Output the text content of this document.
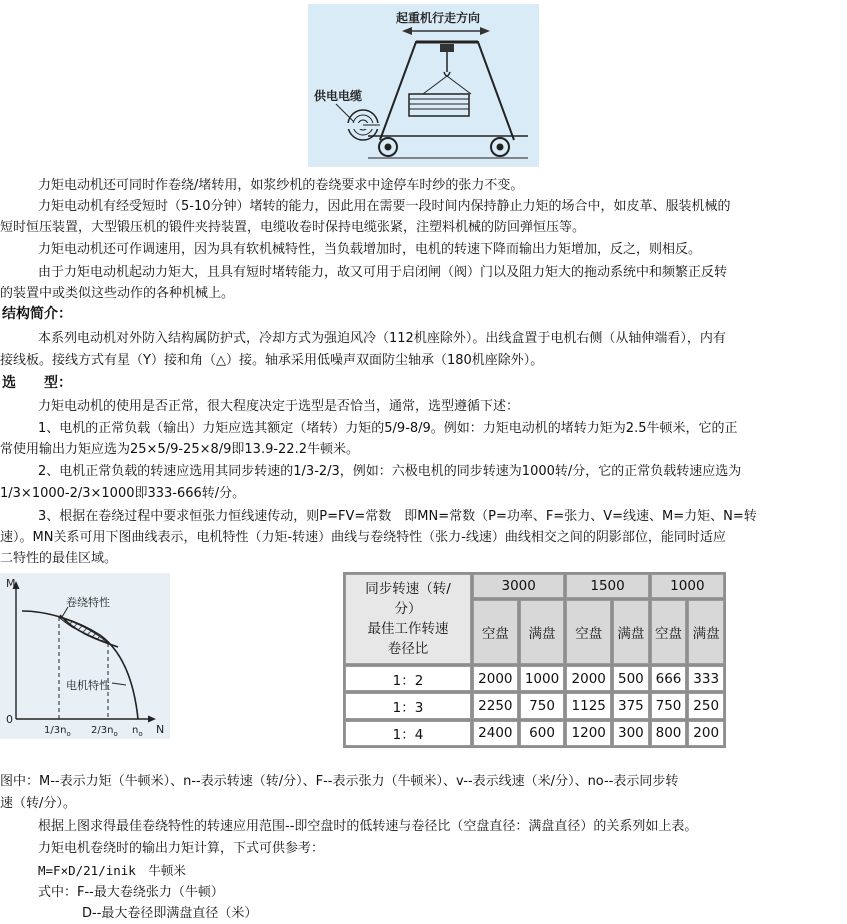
起重机行走方向
供电电缆
力矩电动机还可同时作卷绕/堵转用，如浆纱机的卷绕要求中途停车时纱的张力不变。
力矩电动机有经受短时（5-10分钟）堵转的能力，因此用在需要一段时间内保持静止力矩的场合中，如皮革、服装机械的
短时恒压装置，大型锻压机的锻件夹持装置，电缆收卷时保持电缆张紧，注塑料机械的防回弹恒压等。
力矩电动机还可作调速用，因为具有软机械特性，当负载增加时，电机的转速下降而输出力矩增加，反之，则相反。
由于力矩电动机起动力矩大，且具有短时堵转能力，故又可用于启闭闸（阀）门以及阻力矩大的拖动系统中和频繁正反转
的装置中或类似这些动作的各种机械上。
结构简介：
本系列电动机对外防入结构属防护式，冷却方式为强迫风冷（112机座除外）。出线盒置于电机右侧（从轴伸端看），内有
接线板。接线方式有星（Y）接和角（△）接。轴承采用低噪声双面防尘轴承（180机座除外）。
选　　型：
力矩电动机的使用是否正常，很大程度决定于选型是否恰当，通常，选型遵循下述：
1、电机的正常负载（输出）力矩应选其额定（堵转）力矩的5/9-8/9。例如：力矩电动机的堵转力矩为2.5牛顿米，它的正
常使用输出力矩应选为25×5/9-25×8/9即13.9-22.2牛顿米。
2、电机正常负载的转速应选用其同步转速的1/3-2/3，例如：六极电机的同步转速为1000转/分，它的正常负载转速应选为
1/3×1000-2/3×1000即333-666转/分。
3、根据在卷绕过程中要求恒张力恒线速传动，则P=FV=常数　即MN=常数（P=功率、F=张力、V=线速、M=力矩、N=转
速）。MN关系可用下图曲线表示，电机特性（力矩-转速）曲线与卷绕特性（张力-线速）曲线相交之间的阴影部位，能同时适应
二特性的最佳区域。
M
N
0
卷绕特性
电机特性
$1/3n_o$ $2/3n_o$ $n_o$
同步转速（转/
分）
最佳工作转速
卷径比	3000		1500		1000	
	空盘	满盘	空盘	满盘	空盘	满盘
1：2	2000	1000	2000	500	666	333
1：3	2250	750	1125	375	750	250
1：4	2400	600	1200	300	800	200
图中：M--表示力矩（牛顿米）、n--表示转速（转/分）、F--表示张力（牛顿米）、v--表示线速（米/分）、no--表示同步转
速（转/分）。
根据上图求得最佳卷绕特性的转速应用范围--即空盘时的低转速与卷径比（空盘直径：满盘直径）的关系列如上表。
力矩电机卷绕时的输出力矩计算，下式可供参考：
M=F×D/21/inik　牛顿米
式中：F--最大卷绕张力（牛顿）
D--最大卷径即满盘直径（米）
